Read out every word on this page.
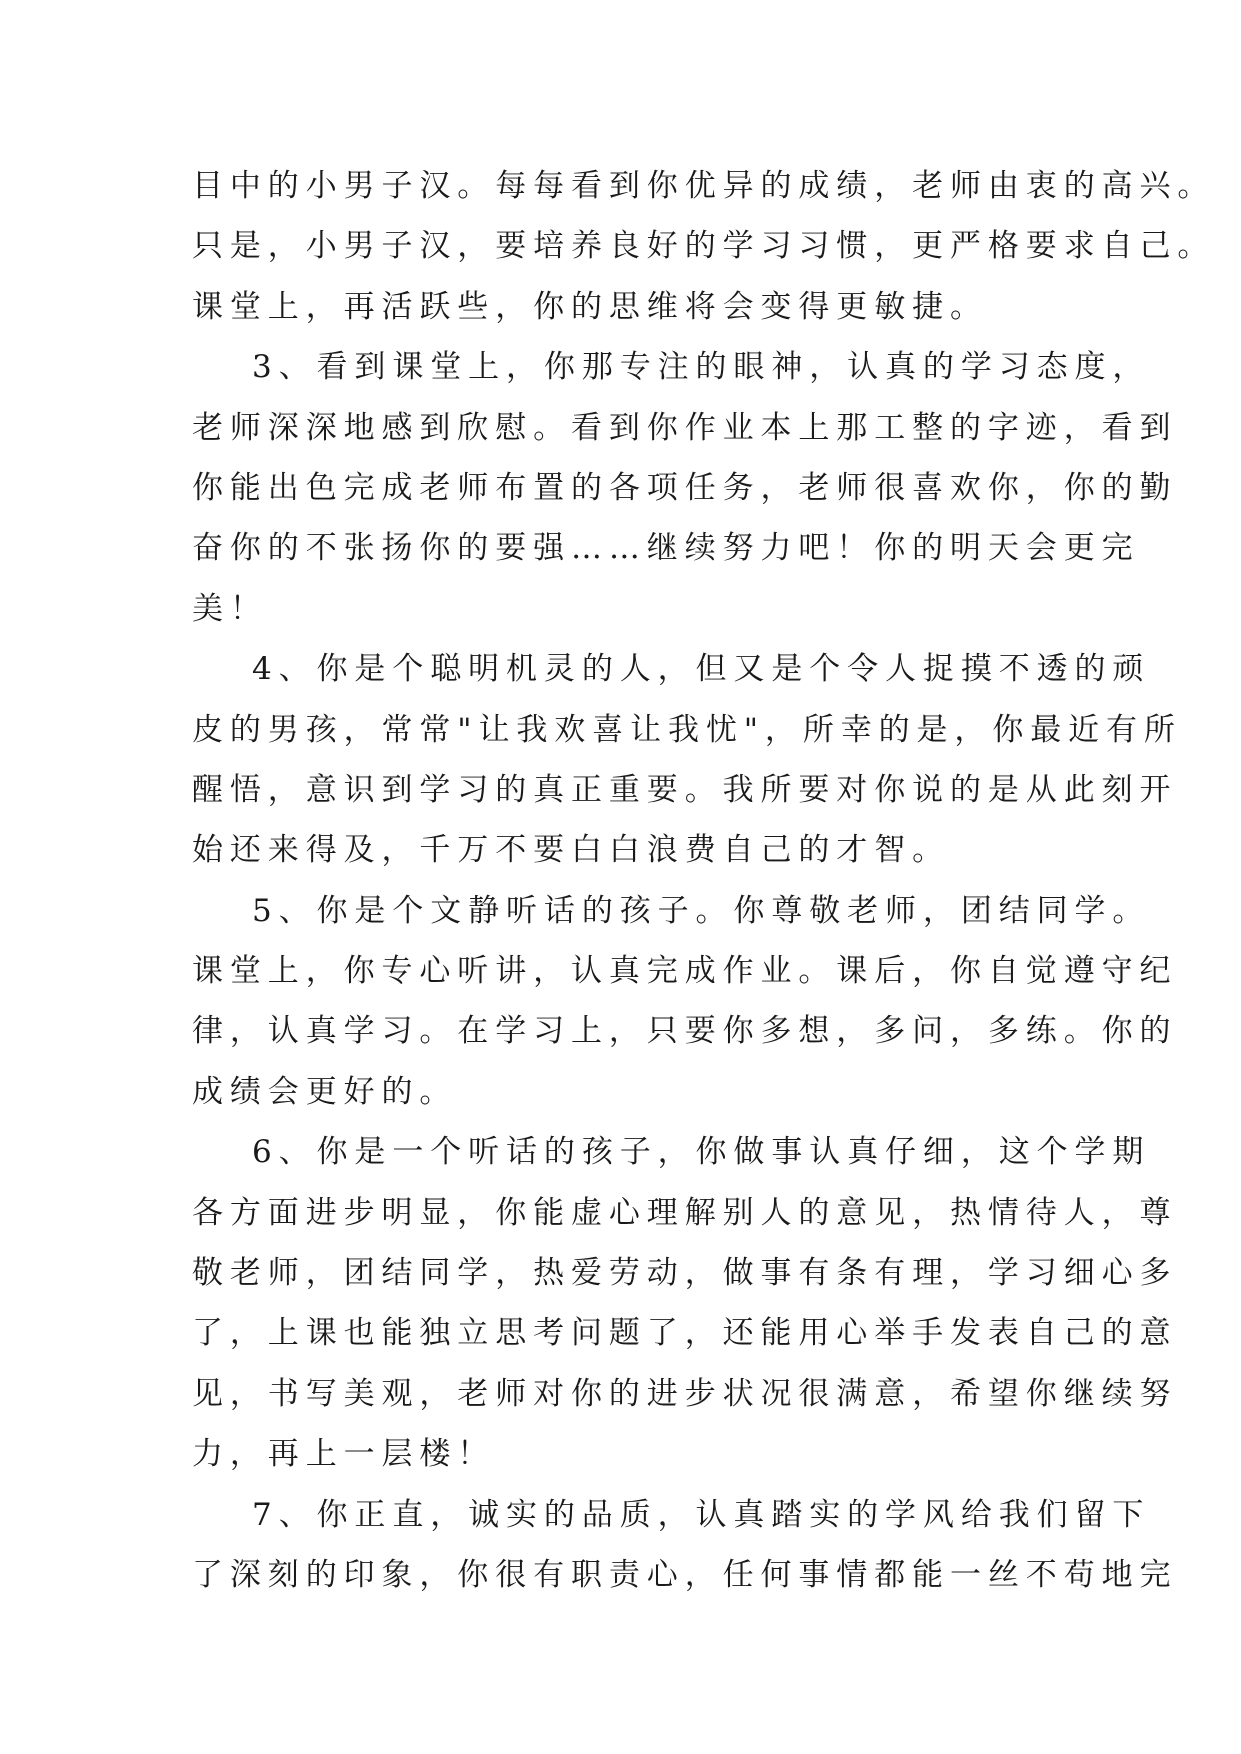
目中的小男子汉。每每看到你优异的成绩，老师由衷的高兴。

只是，小男子汉，要培养良好的学习习惯，更严格要求自己。

课堂上，再活跃些，你的思维将会变得更敏捷。

3、看到课堂上，你那专注的眼神，认真的学习态度，

老师深深地感到欣慰。看到你作业本上那工整的字迹，看到

你能出色完成老师布置的各项任务，老师很喜欢你，你的勤

奋你的不张扬你的要强……继续努力吧！你的明天会更完

美！

4、你是个聪明机灵的人，但又是个令人捉摸不透的顽

皮的男孩，常常"让我欢喜让我忧"，所幸的是，你最近有所

醒悟，意识到学习的真正重要。我所要对你说的是从此刻开

始还来得及，千万不要白白浪费自己的才智。

5、你是个文静听话的孩子。你尊敬老师，团结同学。

课堂上，你专心听讲，认真完成作业。课后，你自觉遵守纪

律，认真学习。在学习上，只要你多想，多问，多练。你的

成绩会更好的。

6、你是一个听话的孩子，你做事认真仔细，这个学期

各方面进步明显，你能虚心理解别人的意见，热情待人，尊

敬老师，团结同学，热爱劳动，做事有条有理，学习细心多

了，上课也能独立思考问题了，还能用心举手发表自己的意

见，书写美观，老师对你的进步状况很满意，希望你继续努

力，再上一层楼！

7、你正直，诚实的品质，认真踏实的学风给我们留下

了深刻的印象，你很有职责心，任何事情都能一丝不苟地完
